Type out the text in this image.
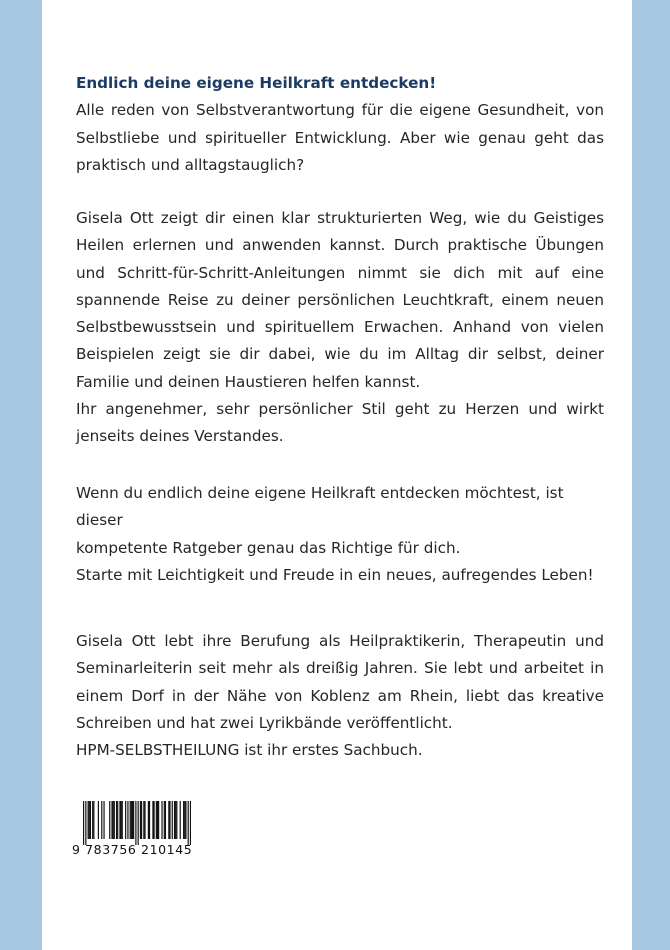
Endlich deine eigene Heilkraft entdecken!

Alle reden von Selbstverantwortung für die eigene Gesundheit, von Selbstliebe und spiritueller Entwicklung. Aber wie genau geht das praktisch und alltagstauglich?

Gisela Ott zeigt dir einen klar strukturierten Weg, wie du Geistiges Heilen erlernen und anwenden kannst. Durch praktische Übungen und Schritt-für-Schritt-Anleitungen nimmt sie dich mit auf eine spannende Reise zu deiner persönlichen Leuchtkraft, einem neuen Selbstbewusstsein und spirituellem Erwachen. Anhand von vielen Beispielen zeigt sie dir dabei, wie du im Alltag dir selbst, deiner Familie und deinen Haustieren helfen kannst.

Ihr angenehmer, sehr persönlicher Stil geht zu Herzen und wirkt jenseits deines Verstandes.

Wenn du endlich deine eigene Heilkraft entdecken möchtest, ist dieser

kompetente Ratgeber genau das Richtige für dich.

Starte mit Leichtigkeit und Freude in ein neues, aufregendes Leben!

Gisela Ott lebt ihre Berufung als Heilpraktikerin, Therapeutin und Seminarleiterin seit mehr als dreißig Jahren. Sie lebt und arbeitet in einem Dorf in der Nähe von Koblenz am Rhein, liebt das kreative Schreiben und hat zwei Lyrikbände veröffentlicht.

HPM-SELBSTHEILUNG ist ihr erstes Sachbuch.

9 783756 210145
